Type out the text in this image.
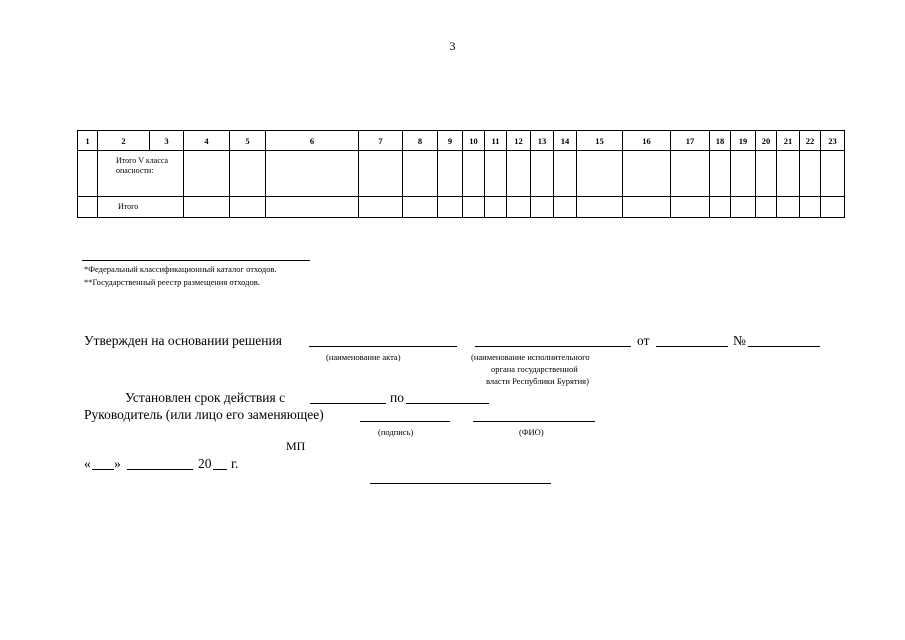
3
1	2	3	4	5	6	7	8	9	10	11	12	13	14	15	16	17	18	19	20	21	22	23

	Итого V класса опасности:																					

	Итого																					

*Федеральный классификационный каталог отходов.
**Государственный реестр размещения отходов.
Утвержден на основании решения	от	№
(наименование акта)	(наименование исполнительного
органа государственной
власти Республики Бурятия)
Установлен срок действия с	по
Руководитель (или лицо его заменяющее)
(подпись)	(ФИО)
МП
« »	20 г.
